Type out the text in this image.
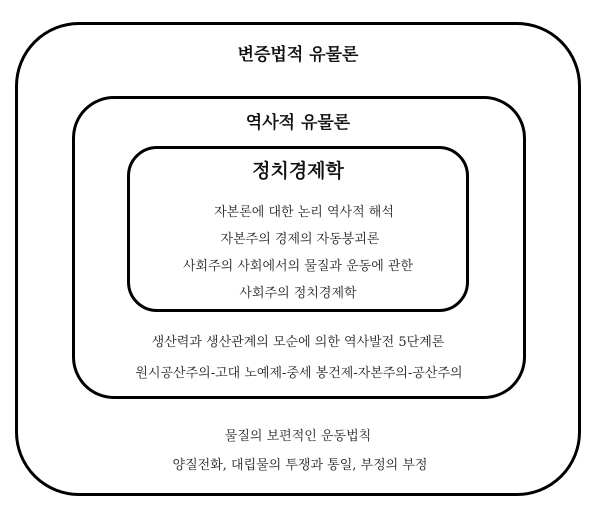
변증법적 유물론
물질의 보편적인 운동법칙
양질전화, 대립물의 투쟁과 통일, 부정의 부정
역사적 유물론
생산력과 생산관계의 모순에 의한 역사발전 5단계론
원시공산주의-고대 노예제-중세 봉건제-자본주의-공산주의
정치경제학
자본론에 대한 논리 역사적 해석
자본주의 경제의 자동붕괴론
사회주의 사회에서의 물질과 운동에 관한
사회주의 정치경제학
